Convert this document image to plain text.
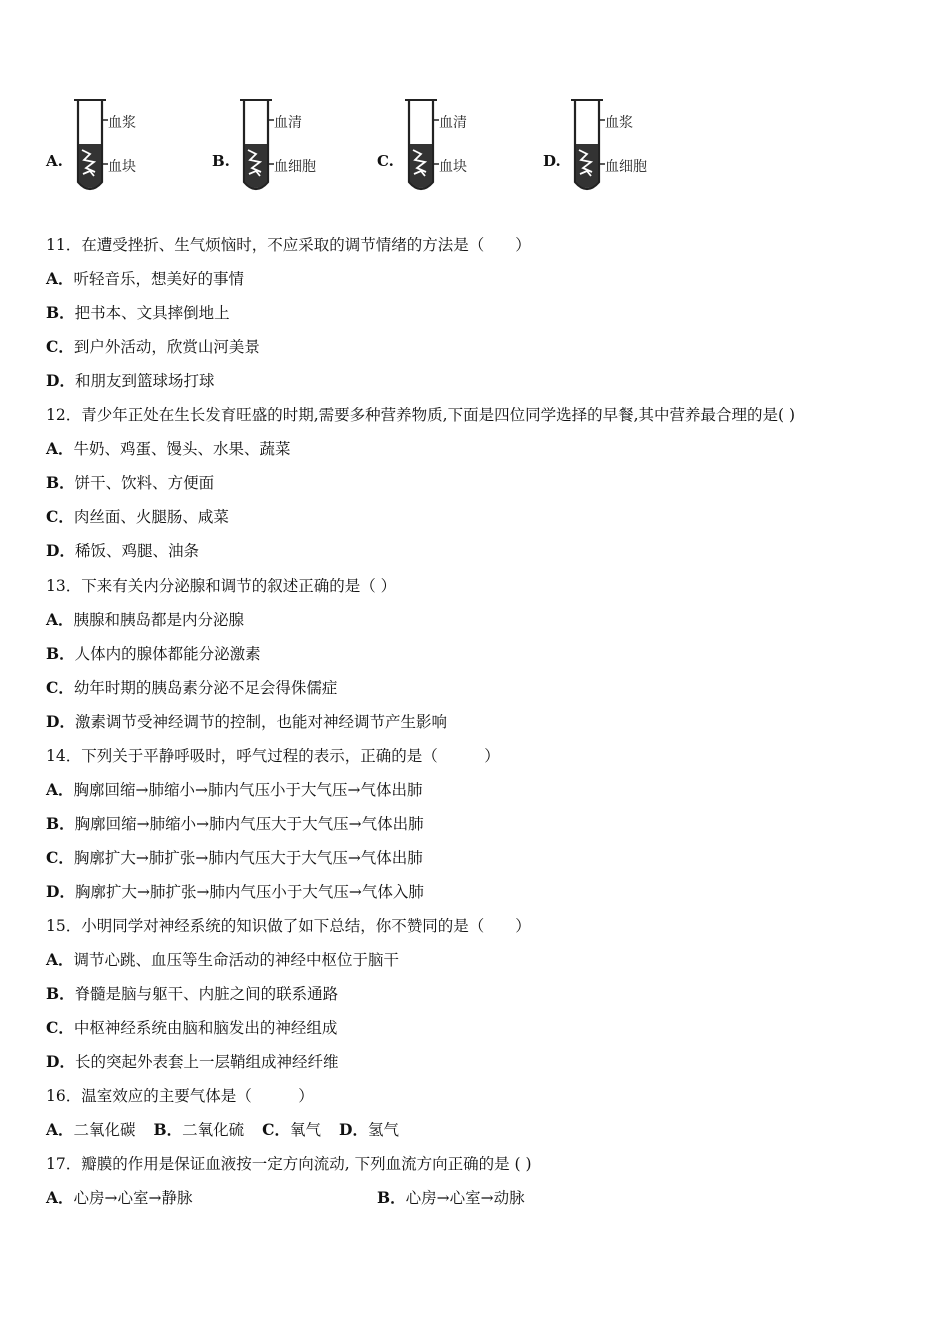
A.
血浆
血块	B.
血清
血细胞	C.
血清
血块	D.
血浆
血细胞
11．在遭受挫折、生气烦恼时，不应采取的调节情绪的方法是（　　）
A．听轻音乐，想美好的事情
B．把书本、文具摔倒地上
C．到户外活动，欣赏山河美景
D．和朋友到篮球场打球
12．青少年正处在生长发育旺盛的时期,需要多种营养物质,下面是四位同学选择的早餐,其中营养最合理的是( )
A．牛奶、鸡蛋、馒头、水果、蔬菜
B．饼干、饮料、方便面
C．肉丝面、火腿肠、咸菜
D．稀饭、鸡腿、油条
13．下来有关内分泌腺和调节的叙述正确的是（ ）
A．胰腺和胰岛都是内分泌腺
B．人体内的腺体都能分泌激素
C．幼年时期的胰岛素分泌不足会得侏儒症
D．激素调节受神经调节的控制，也能对神经调节产生影响
14．下列关于平静呼吸时，呼气过程的表示，正确的是（　　　）
A．胸廓回缩→肺缩小→肺内气压小于大气压→气体出肺
B．胸廓回缩→肺缩小→肺内气压大于大气压→气体出肺
C．胸廓扩大→肺扩张→肺内气压大于大气压→气体出肺
D．胸廓扩大→肺扩张→肺内气压小于大气压→气体入肺
15．小明同学对神经系统的知识做了如下总结，你不赞同的是（　　）
A．调节心跳、血压等生命活动的神经中枢位于脑干
B．脊髓是脑与躯干、内脏之间的联系通路
C．中枢神经系统由脑和脑发出的神经组成
D．长的突起外表套上一层鞘组成神经纤维
16．温室效应的主要气体是（　　　）
A．二氧化碳 B．二氧化硫 C．氧气 D．氢气
17．瓣膜的作用是保证血液按一定方向流动, 下列血流方向正确的是 ( )
A．心房→心室→静脉	B．心房→心室→动脉
